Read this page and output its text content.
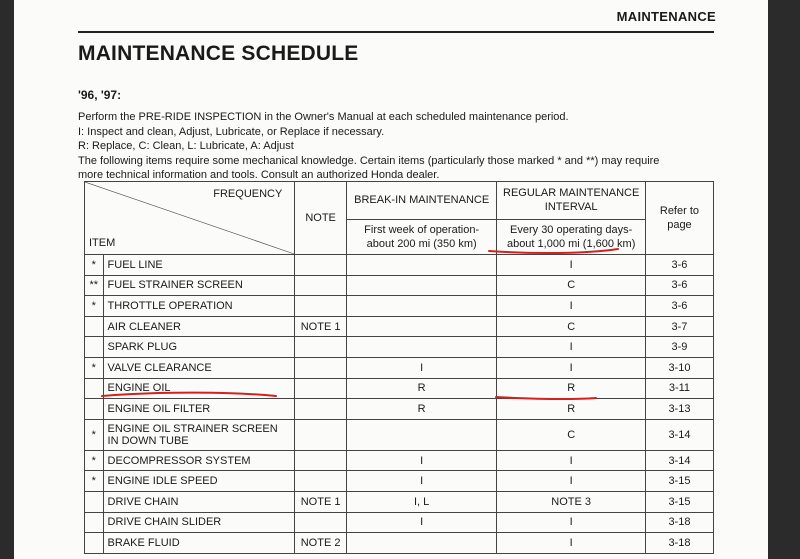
MAINTENANCE
MAINTENANCE SCHEDULE
'96, '97:
Perform the PRE-RIDE INSPECTION in the Owner's Manual at each scheduled maintenance period.
I: Inspect and clean, Adjust, Lubricate, or Replace if necessary.
R: Replace, C: Clean, L: Lubricate, A: Adjust
The following items require some mechanical knowledge. Certain items (particularly those marked * and **) may require
more technical information and tools. Consult an authorized Honda dealer.
FREQUENCY
ITEM		NOTE	BREAK-IN MAINTENANCE	REGULAR MAINTENANCE INTERVAL	Refer to page
			First week of operation- about 200 mi (350 km)	Every 30 operating days- about 1,000 mi (1,600 km)	
*	FUEL LINE			I	3-6
**	FUEL STRAINER SCREEN			C	3-6
*	THROTTLE OPERATION			I	3-6
	AIR CLEANER	NOTE 1		C	3-7
	SPARK PLUG			I	3-9
*	VALVE CLEARANCE		I	I	3-10
	ENGINE OIL		R	R	3-11
	ENGINE OIL FILTER		R	R	3-13
*	ENGINE OIL STRAINER SCREEN IN DOWN TUBE			C	3-14
*	DECOMPRESSOR SYSTEM		I	I	3-14
*	ENGINE IDLE SPEED		I	I	3-15
	DRIVE CHAIN	NOTE 1	I, L	NOTE 3	3-15
	DRIVE CHAIN SLIDER		I	I	3-18
	BRAKE FLUID	NOTE 2		I	3-18
